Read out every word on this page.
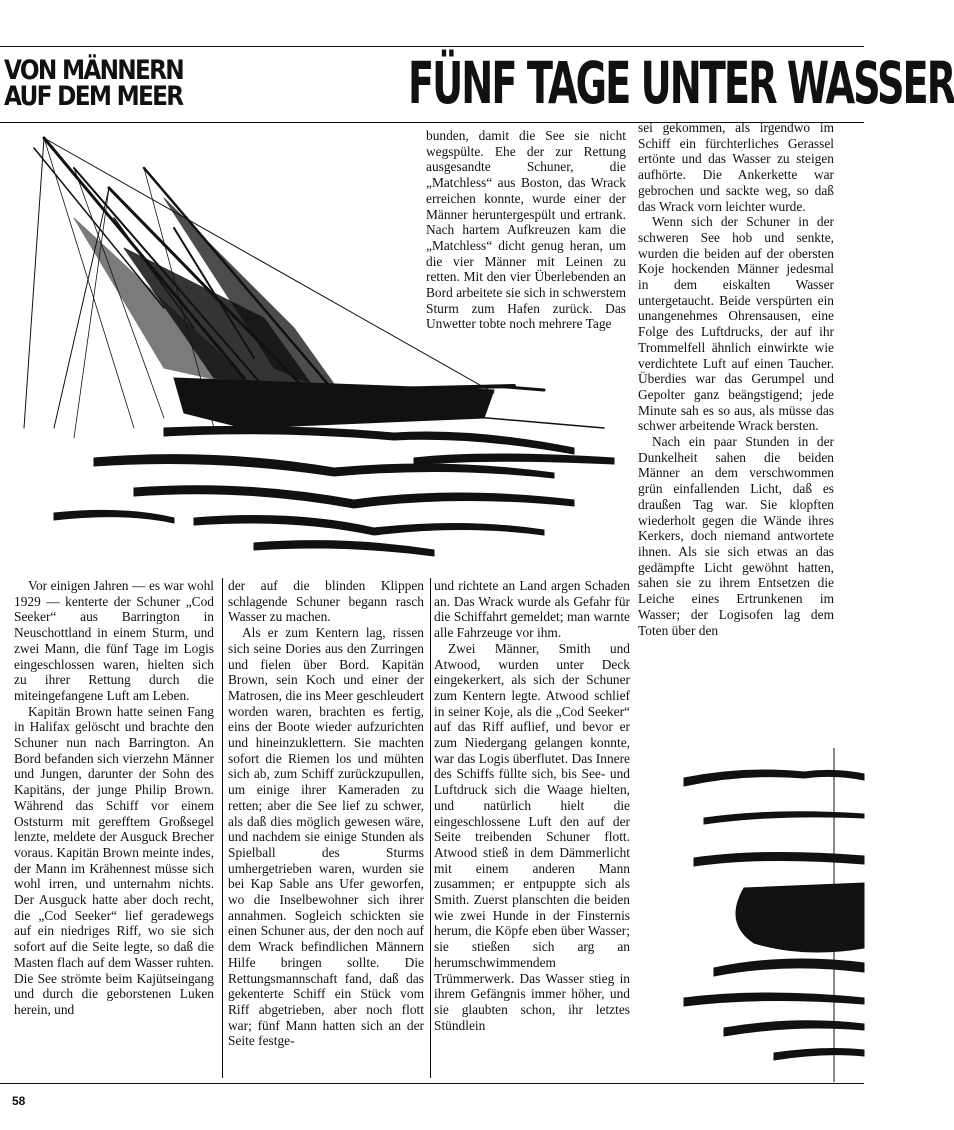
VON MÄNNERN
AUF DEM MEER	FÜNF TAGE UNTER WASSER

bunden, damit die See sie nicht wegspülte. Ehe der zur Rettung ausgesandte Schuner, die „Matchless“ aus Boston, das Wrack erreichen konnte, wurde einer der Männer heruntergespült und ertrank. Nach hartem Aufkreuzen kam die „Matchless“ dicht genug heran, um die vier Männer mit Leinen zu retten. Mit den vier Überlebenden an Bord arbeitete sie sich in schwerstem Sturm zum Hafen zurück. Das Unwetter tobte noch mehrere Tage

sei gekommen, als irgendwo im Schiff ein fürchterliches Gerassel ertönte und das Wasser zu steigen aufhörte. Die Ankerkette war gebrochen und sackte weg, so daß das Wrack vorn leichter wurde.

Wenn sich der Schuner in der schweren See hob und senkte, wurden die beiden auf der obersten Koje hockenden Männer jedesmal in dem eiskalten Wasser untergetaucht. Beide verspürten ein unangenehmes Ohrensausen, eine Folge des Luftdrucks, der auf ihr Trommelfell ähnlich einwirkte wie verdichtete Luft auf einen Taucher. Überdies war das Gerumpel und Gepolter ganz beängstigend; jede Minute sah es so aus, als müsse das schwer arbeitende Wrack bersten.

Nach ein paar Stunden in der Dunkelheit sahen die beiden Männer an dem verschwommen grün einfallenden Licht, daß es draußen Tag war. Sie klopften wiederholt gegen die Wände ihres Kerkers, doch niemand antwortete ihnen. Als sie sich etwas an das gedämpfte Licht gewöhnt hatten, sahen sie zu ihrem Entsetzen die Leiche eines Ertrunkenen im Wasser; der Logisofen lag dem Toten über den

Vor einigen Jahren — es war wohl 1929 — kenterte der Schuner „Cod Seeker“ aus Barrington in Neuschottland in einem Sturm, und zwei Mann, die fünf Tage im Logis eingeschlossen waren, hielten sich zu ihrer Rettung durch die miteingefangene Luft am Leben.

Kapitän Brown hatte seinen Fang in Halifax gelöscht und brachte den Schuner nun nach Barrington. An Bord befanden sich vierzehn Männer und Jungen, darunter der Sohn des Kapitäns, der junge Philip Brown. Während das Schiff vor einem Oststurm mit gerefftem Großsegel lenzte, meldete der Ausguck Brecher voraus. Kapitän Brown meinte indes, der Mann im Krähennest müsse sich wohl irren, und unternahm nichts. Der Ausguck hatte aber doch recht, die „Cod Seeker“ lief geradewegs auf ein niedriges Riff, wo sie sich sofort auf die Seite legte, so daß die Masten flach auf dem Wasser ruhten. Die See strömte beim Kajütseingang und durch die geborstenen Luken herein, und

der auf die blinden Klippen schlagende Schuner begann rasch Wasser zu machen.

Als er zum Kentern lag, rissen sich seine Dories aus den Zurringen und fielen über Bord. Kapitän Brown, sein Koch und einer der Matrosen, die ins Meer geschleudert worden waren, brachten es fertig, eins der Boote wieder aufzurichten und hineinzuklettern. Sie machten sofort die Riemen los und mühten sich ab, zum Schiff zurückzupullen, um einige ihrer Kameraden zu retten; aber die See lief zu schwer, als daß dies möglich gewesen wäre, und nachdem sie einige Stunden als Spielball des Sturms umhergetrieben waren, wurden sie bei Kap Sable ans Ufer geworfen, wo die Inselbewohner sich ihrer annahmen. Sogleich schickten sie einen Schuner aus, der den noch auf dem Wrack befindlichen Männern Hilfe bringen sollte. Die Rettungsmannschaft fand, daß das gekenterte Schiff ein Stück vom Riff abgetrieben, aber noch flott war; fünf Mann hatten sich an der Seite festge-

und richtete an Land argen Schaden an. Das Wrack wurde als Gefahr für die Schiffahrt gemeldet; man warnte alle Fahrzeuge vor ihm.

Zwei Männer, Smith und Atwood, wurden unter Deck eingekerkert, als sich der Schuner zum Kentern legte. Atwood schlief in seiner Koje, als die „Cod Seeker“ auf das Riff auflief, und bevor er zum Niedergang gelangen konnte, war das Logis überflutet. Das Innere des Schiffs füllte sich, bis See- und Luftdruck sich die Waage hielten, und natürlich hielt die eingeschlossene Luft den auf der Seite treibenden Schuner flott. Atwood stieß in dem Dämmerlicht mit einem anderen Mann zusammen; er entpuppte sich als Smith. Zuerst planschten die beiden wie zwei Hunde in der Finsternis herum, die Köpfe eben über Wasser; sie stießen sich arg an herumschwimmendem Trümmerwerk. Das Wasser stieg in ihrem Gefängnis immer höher, und sie glaubten schon, ihr letztes Stündlein

58
